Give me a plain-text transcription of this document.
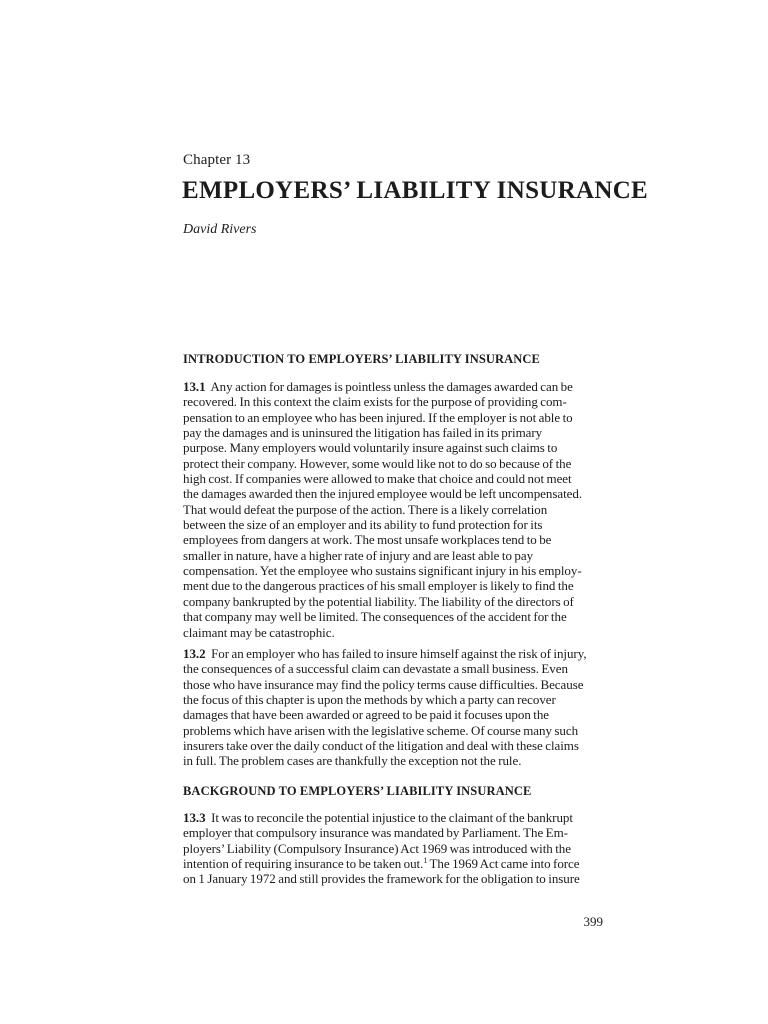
Chapter 13
EMPLOYERS’ LIABILITY INSURANCE
David Rivers
INTRODUCTION TO EMPLOYERS’ LIABILITY INSURANCE

13.1 Any action for damages is pointless unless the damages awarded can be
recovered. In this context the claim exists for the purpose of providing com-
pensation to an employee who has been injured. If the employer is not able to
pay the damages and is uninsured the litigation has failed in its primary
purpose. Many employers would voluntarily insure against such claims to
protect their company. However, some would like not to do so because of the
high cost. If companies were allowed to make that choice and could not meet
the damages awarded then the injured employee would be left uncompensated.
That would defeat the purpose of the action. There is a likely correlation
between the size of an employer and its ability to fund protection for its
employees from dangers at work. The most unsafe workplaces tend to be
smaller in nature, have a higher rate of injury and are least able to pay
compensation. Yet the employee who sustains significant injury in his employ-
ment due to the dangerous practices of his small employer is likely to find the
company bankrupted by the potential liability. The liability of the directors of
that company may well be limited. The consequences of the accident for the
claimant may be catastrophic.

13.2 For an employer who has failed to insure himself against the risk of injury,
the consequences of a successful claim can devastate a small business. Even
those who have insurance may find the policy terms cause difficulties. Because
the focus of this chapter is upon the methods by which a party can recover
damages that have been awarded or agreed to be paid it focuses upon the
problems which have arisen with the legislative scheme. Of course many such
insurers take over the daily conduct of the litigation and deal with these claims
in full. The problem cases are thankfully the exception not the rule.

BACKGROUND TO EMPLOYERS’ LIABILITY INSURANCE

13.3 It was to reconcile the potential injustice to the claimant of the bankrupt
employer that compulsory insurance was mandated by Parliament. The Em-
ployers’ Liability (Compulsory Insurance) Act 1969 was introduced with the
intention of requiring insurance to be taken out.$^1$ The 1969 Act came into force
on 1 January 1972 and still provides the framework for the obligation to insure

399
